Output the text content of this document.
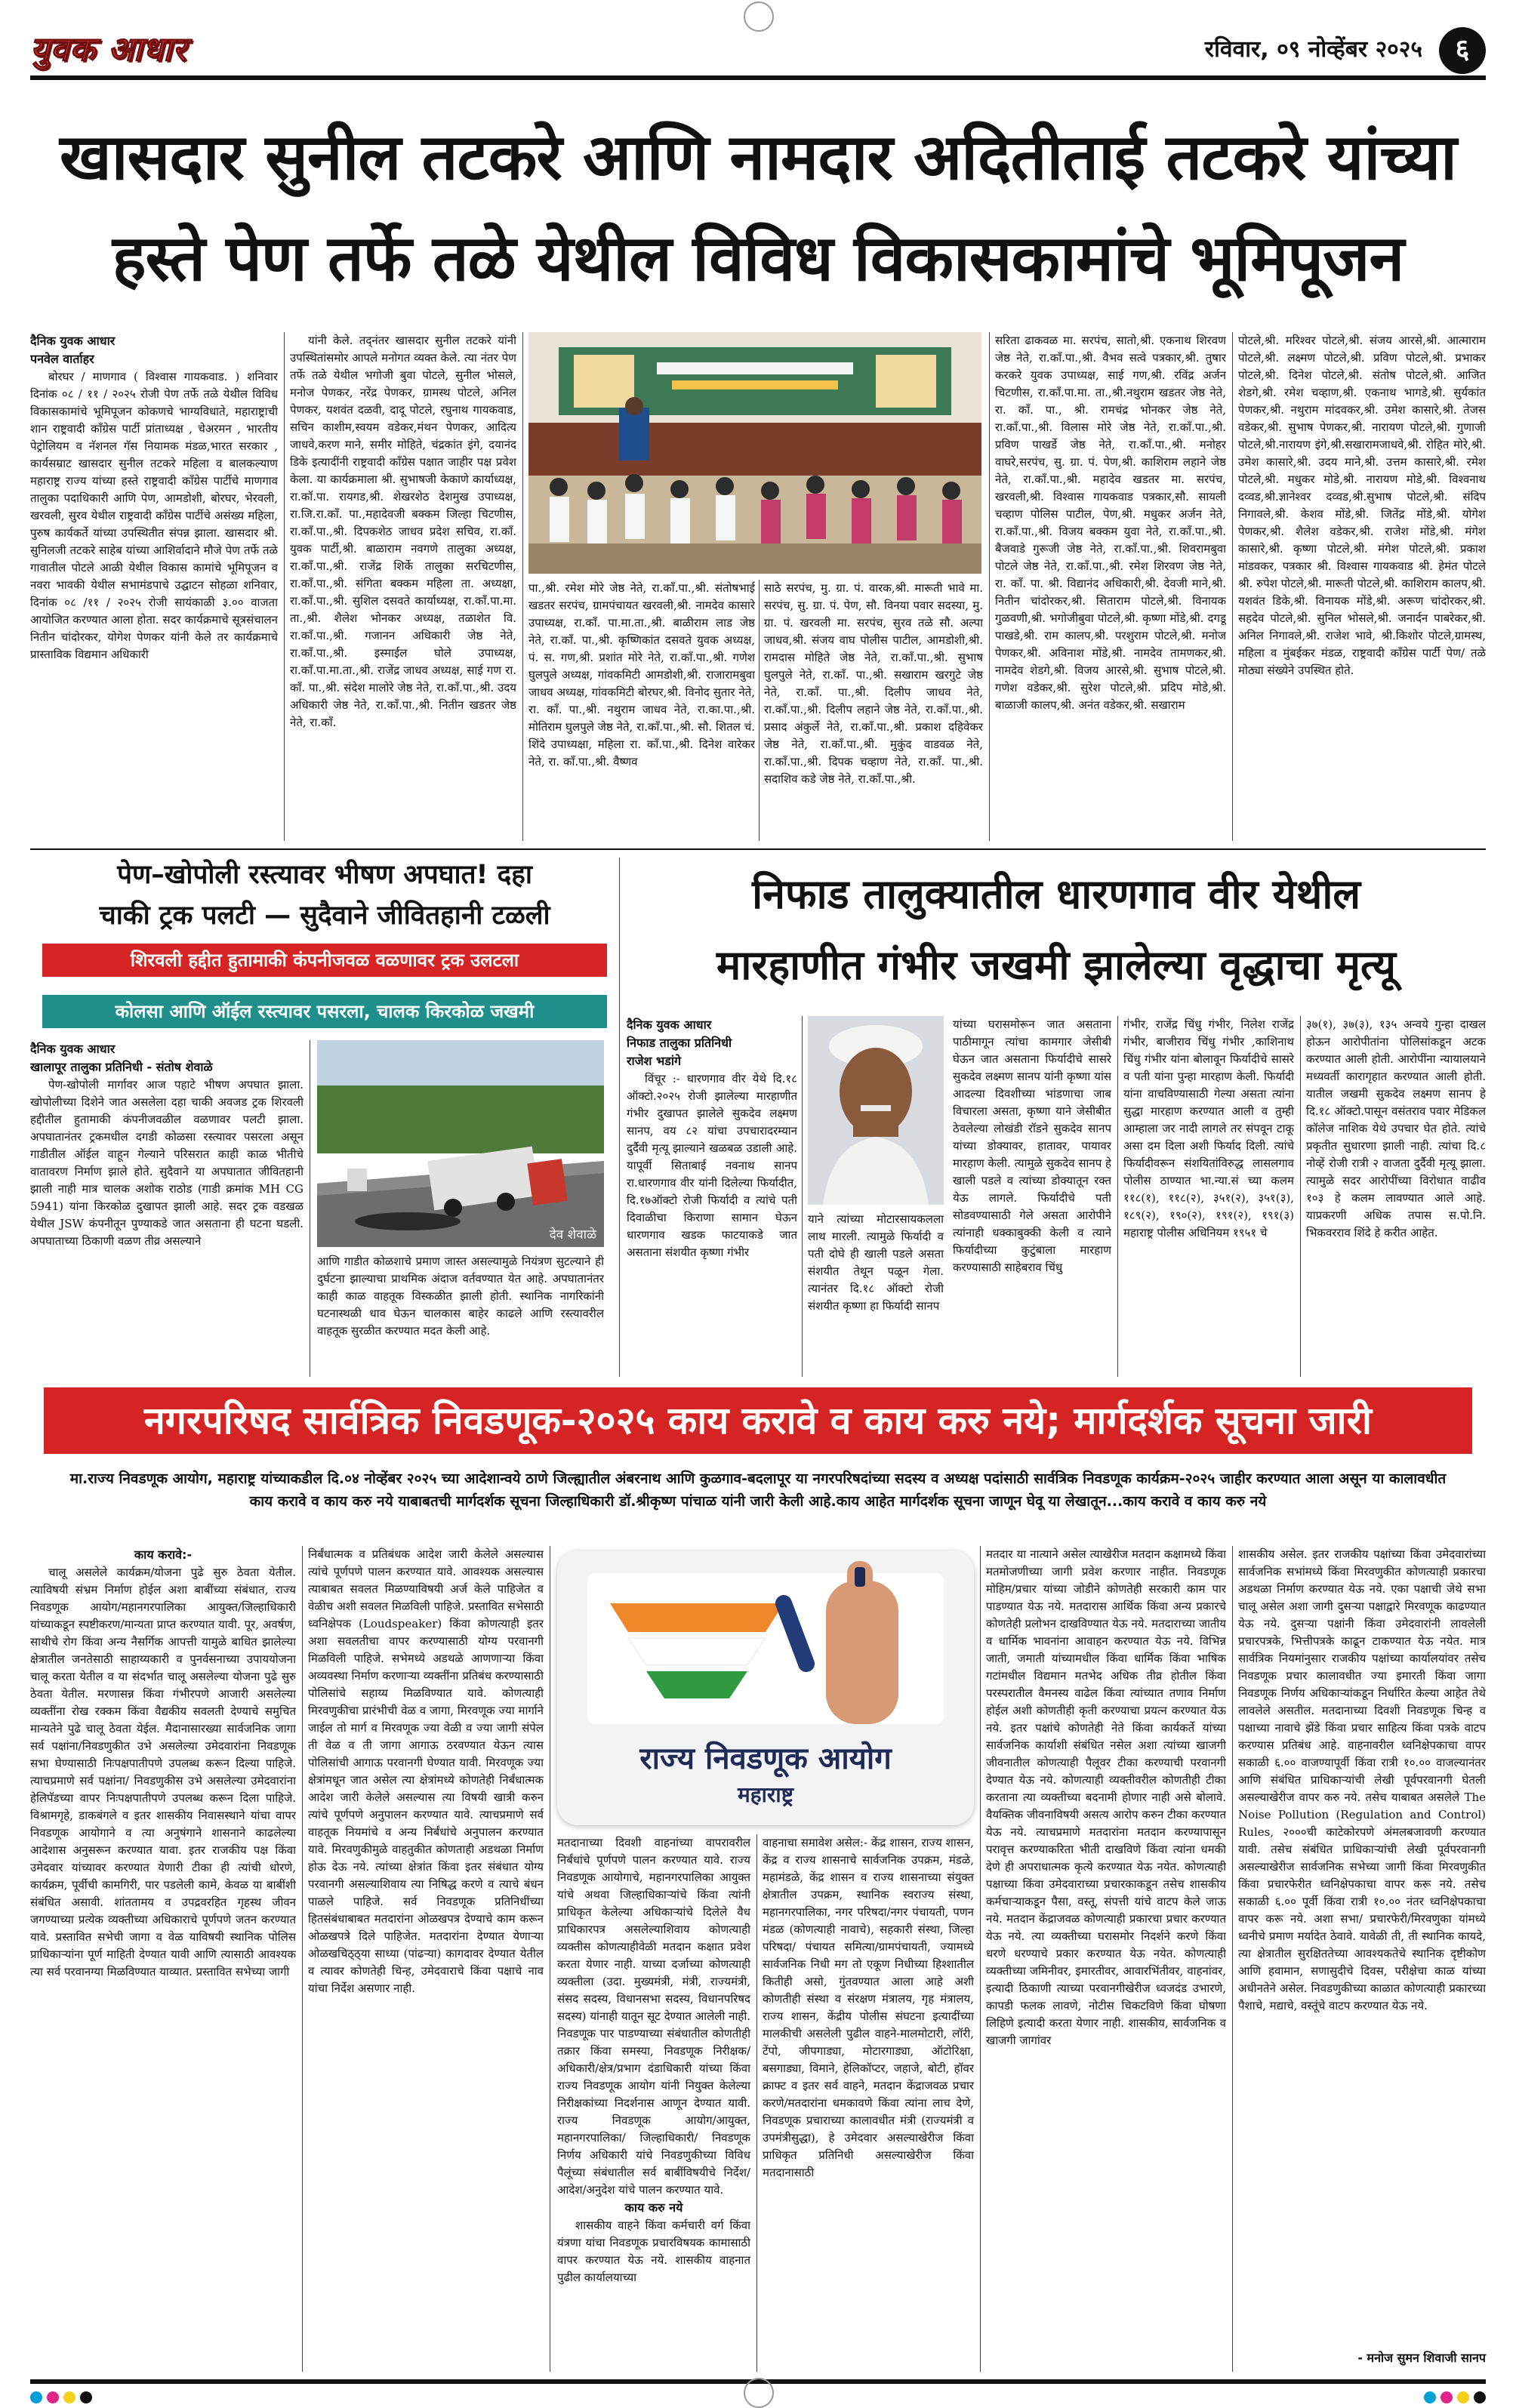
युवक आधार	रविवार, ०९ नोव्हेंबर २०२५	६
खासदार सुनील तटकरे आणि नामदार अदितीताई तटकरे यांच्या
हस्ते पेण तर्फे तळे येथील विविध विकासकामांचे भूमिपूजन

दैनिक युवक आधार

पनवेल वार्ताहर

बोरघर / माणगाव ( विश्वास गायकवाड. ) शनिवार दिनांक ०८ / ११ / २०२५ रोजी पेण तर्फे तळे येथील विविध विकासकामांचे भूमिपूजन कोकणचे भाग्यविधाते, महाराष्ट्राची शान राष्ट्रवादी कॉंग्रेस पार्टी प्रांताध्यक्ष , चेअरमन , भारतीय पेट्रोलियम व नॅशनल गॅस नियामक मंडळ,भारत सरकार , कार्यसम्राट खासदार सुनील तटकरे महिला व बालकल्याण महाराष्ट्र राज्य यांच्या हस्ते राष्ट्रवादी कॉंग्रेस पार्टीचे माणगाव तालुका पदाधिकारी आणि पेण, आमडोशी, बोरघर, भेरवली, खरवली, सुरव येथील राष्ट्रवादी कॉंग्रेस पार्टीचे असंख्य महिला, पुरुष कार्यकर्ते यांच्या उपस्थितीत संपन्न झाला. खासदार श्री. सुनिलजी तटकरे साहेब यांच्या आशिर्वादाने मौजे पेण तर्फे तळे गावातील पोटले आळी येथील विकास कामांचे भूमिपूजन व नवरा भावकी येथील सभामंडपाचे उद्घाटन सोहळा शनिवार, दिनांक ०८ /११ / २०२५ रोजी सायंकाळी ३.०० वाजता आयोजित करण्यात आला होता. सदर कार्यक्रमाचे सूत्रसंचालन नितीन चांदोरकर, योगेश पेणकर यांनी केले तर कार्यक्रमाचे प्रास्ताविक विद्यमान अधिकारी

यांनी केले. तद्नंतर खासदार सुनील तटकरे यांनी उपस्थितांसमोर आपले मनोगत व्यक्त केले. त्या नंतर पेण तर्फे तळे येथील भगोजी बुवा पोटले, सुनील भोसले, मनोज पेणकर, नरेंद्र पेणकर, ग्रामस्थ पोटले, अनिल पेणकर, यशवंत दळवी, दादू पोटले, रघुनाथ गायकवाड, सचिन काशीम,स्वयम वडेकर,मंथन पेणकर, आदित्य जाधवे,करण माने, समीर मोहिते, चंद्रकांत इंगे, दयानंद डिके इत्यादींनी राष्ट्रवादी कॉंग्रेस पक्षात जाहीर पक्ष प्रवेश केला. या कार्यक्रमाला श्री. सुभाषजी केकाणे कार्याध्यक्ष, रा.कॉ.पा. रायगड,श्री. शेखरशेठ देशमुख उपाध्यक्ष, रा.जि.रा.कॉं. पा.,महादेवजी बक्कम जिल्हा चिटणीस, रा.कॉं.पा.,श्री. दिपकशेठ जाधव प्रदेश सचिव, रा.कॉं. युवक पार्टी,श्री. बाळाराम नवगणे तालुका अध्यक्ष, रा.कॉं.पा.,श्री. राजेंद्र शिर्के तालुका सरचिटणीस, रा.कॉं.पा.,श्री. संगिता बक्कम महिला ता. अध्यक्षा, रा.कॉं.पा.,श्री. सुशिल दसवते कार्याध्यक्ष, रा.कॉं.पा.मा. ता.,श्री. शैलेश भोनकर अध्यक्ष, तळाशेत वि. रा.कॉं.पा.,श्री. गजानन अधिकारी जेष्ठ नेते, रा.कॉं.पा.,श्री. इस्माईल घोले उपाध्यक्ष, रा.कॉं.पा.मा.ता.,श्री. राजेंद्र जाधव अध्यक्ष, साई गण रा. कॉं. पा.,श्री. संदेश मालोरे जेष्ठ नेते, रा.कॉं.पा.,श्री. उदय अधिकारी जेष्ठ नेते, रा.कॉं.पा.,श्री. नितीन खडतर जेष्ठ नेते, रा.कॉं.

पा.,श्री. रमेश मोरे जेष्ठ नेते, रा.कॉं.पा.,श्री. संतोषभाई खडतर सरपंच, ग्रामपंचायत खरवली,श्री. नामदेव कासारे उपाध्यक्ष, रा.कॉं. पा.मा.ता.,श्री. बाळीराम लाड जेष्ठ नेते, रा.कॉं. पा.,श्री. कृष्णिकांत दसवते युवक अध्यक्ष, पं. स. गण,श्री. प्रशांत मोरे नेते, रा.कॉं.पा.,श्री. गणेश घुलपुले अध्यक्ष, गांवकमिटी आमडोशी,श्री. राजारामबुवा जाधव अध्यक्ष, गांवकमिटी बोरघर,श्री. विनोद सुतार नेते, रा. कॉं. पा.,श्री. नथुराम जाधव नेते, रा.का.पा.,श्री. मोतिराम घुलपुले जेष्ठ नेते, रा.कॉं.पा.,श्री. सौ. शितल चं. शिंदे उपाध्यक्षा, महिला रा. कॉं.पा.,श्री. दिनेश वारेकर नेते, रा. कॉं.पा.,श्री. वैष्णव

साठे सरपंच, मु. ग्रा. पं. वारक,श्री. मारूती भावे मा. सरपंच, सु. ग्रा. पं. पेण, सौ. विनया पवार सदस्या, मु. ग्रा. पं. खरवली मा. सरपंच, सुरव तळे सौ. अल्पा जाधव,श्री. संजय वाघ पोलीस पाटील, आमडोशी,श्री. रामदास मोहिते जेष्ठ नेते, रा.कॉं.पा.,श्री. सुभाष घुलपुले नेते, रा.कॉं. पा.,श्री. सखाराम खरगुटे जेष्ठ नेते, रा.कॉं. पा.,श्री. दिलीप जाधव नेते, रा.कॉं.पा.,श्री. दिलीप लहाने जेष्ठ नेते, रा.कॉं.पा.,श्री. प्रसाद अंकुर्ले नेते, रा.कॉं.पा.,श्री. प्रकाश दहिवेकर जेष्ठ नेते, रा.कॉं.पा.,श्री. मुकुंद वाडवळ नेते, रा.कॉं.पा.,श्री. दिपक चव्हाण नेते, रा.कॉं. पा.,श्री. सदाशिव कडे जेष्ठ नेते, रा.कॉं.पा.,श्री.

सरिता ढाकवळ मा. सरपंच, सातो,श्री. एकनाथ शिरवण जेष्ठ नेते, रा.कॉं.पा.,श्री. वैभव सत्वे पत्रकार,श्री. तुषार करकरे युवक उपाध्यक्ष, साई गण,श्री. रविंद्र अर्जन चिटणीस, रा.कॉं.पा.मा. ता.,श्री.नथुराम खडतर जेष्ठ नेते, रा. कॉं. पा., श्री. रामचंद्र भोनकर जेष्ठ नेते, रा.कॉं.पा.,श्री. विलास मोरे जेष्ठ नेते, रा.कॉं.पा.,श्री. प्रविण पाखर्डे जेष्ठ नेते, रा.कॉं.पा.,श्री. मनोहर वाघरे,सरपंच, सु. ग्रा. पं. पेण,श्री. काशिराम लहाने जेष्ठ नेते, रा.कॉं.पा.,श्री. महादेव खडतर मा. सरपंच, खरवली,श्री. विश्वास गायकवाड पत्रकार,सौ. सायली चव्हाण पोलिस पाटील, पेण,श्री. मधुकर अर्जन नेते, रा.कॉं.पा.,श्री. विजय बक्कम युवा नेते, रा.कॉं.पा.,श्री. बैजवाडे गुरूजी जेष्ठ नेते, रा.कॉं.पा.,श्री. शिवरामबुवा पोटले जेष्ठ नेते, रा.कॉं.पा.,श्री. रमेश शिरवण जेष्ठ नेते, रा. कॉं. पा. श्री. विद्यानंद अधिकारी,श्री. देवजी माने,श्री. नितीन चांदोरकर,श्री. सिताराम पोटले,श्री. विनायक गुळवणी,श्री. भगोजीबुवा पोटले,श्री. कृष्णा मोंडे,श्री. दगडू पाखडे,श्री. राम कालप,श्री. परशुराम पोटले,श्री. मनोज पेणकर,श्री. अविनाश मोंडे,श्री. नामदेव तामणकर,श्री. नामदेव शेडगे,श्री. विजय आरसे,श्री. सुभाष पोटले,श्री. गणेश वडेकर,श्री. सुरेश पोटले,श्री. प्रदिप मोडे,श्री. बाळाजी कालप,श्री. अनंत वडेकर,श्री. सखाराम

पोटले,श्री. मरिश्वर पोटले,श्री. संजय आरसे,श्री. आत्माराम पोटले,श्री. लक्ष्मण पोटले,श्री. प्रविण पोटले,श्री. प्रभाकर पोटले,श्री. दिनेश पोटले,श्री. संतोष पोटले,श्री. आजित शेडगे,श्री. रमेश चव्हाण,श्री. एकनाथ भागडे,श्री. सुर्यकांत पेणकर,श्री. नथुराम मांदवकर,श्री. उमेश कासारे,श्री. तेजस वडेकर,श्री. सुभाष पेणकर,श्री. नारायण पोटले,श्री. गुणाजी पोटले,श्री.नारायण इंगे,श्री.सखारामजाधवे,श्री. रोहित मोरे,श्री. उमेश कासारे,श्री. उदय माने,श्री. उत्तम कासारे,श्री. रमेश पोटले,श्री. मधुकर मोडे,श्री. नारायण मोडे,श्री. विश्वनाथ दव्वड,श्री.ज्ञानेश्वर दव्वड,श्री.सुभाष पोटले,श्री. संदिप निगावले,श्री. केशव मोंडे,श्री. जितेंद्र मोंडे,श्री. योगेश पेणकर,श्री. शैलेश वडेकर,श्री. राजेश मोंडे,श्री. मंगेश कासारे,श्री. कृष्णा पोटले,श्री. मंगेश पोटले,श्री. प्रकाश मांडवकर, पत्रकार श्री. विश्वास गायकवाड श्री. हेमंत पोटले श्री. रुपेश पोटले,श्री. मारूती पोटले,श्री. काशिराम कालप,श्री. यशवंत डिके,श्री. विनायक मोंडे,श्री. अरूण चांदोरकर,श्री. सहदेव पोटले,श्री. सुनिल भोसले,श्री. जनार्दन पाबरेकर,श्री. अनिल निगावले,श्री. राजेश भावे, श्री.किशोर पोटले,ग्रामस्थ, महिला व मुंबईकर मंडळ, राष्ट्रवादी कॉंग्रेस पार्टी पेण/ तळे मोठ्या संख्येने उपस्थित होते.

पेण–खोपोली रस्त्यावर भीषण अपघात! दहा
चाकी ट्रक पलटी — सुदैवाने जीवितहानी टळली
शिरवली हद्दीत हुतामाकी कंपनीजवळ वळणावर ट्रक उलटला
कोलसा आणि ऑईल रस्त्यावर पसरला, चालक किरकोळ जखमी

दैनिक युवक आधार

खालापूर तालुका प्रतिनिधी - संतोष शेवाळे

पेण-खोपोली मार्गावर आज पहाटे भीषण अपघात झाला. खोपोलीच्या दिशेने जात असलेला दहा चाकी अवजड ट्रक शिरवली हद्दीतील हुतामाकी कंपनीजवळील वळणावर पलटी झाला. अपघातानंतर ट्रकमधील दगडी कोळसा रस्त्यावर पसरला असून गाडीतील ऑईल वाहून गेल्याने परिसरात काही काळ भीतीचे वातावरण निर्माण झाले होते. सुदैवाने या अपघातात जीवितहानी झाली नाही मात्र चालक अशोक राठोड (गाडी क्रमांक MH CG 5941) यांना किरकोळ दुखापत झाली आहे. सदर ट्रक वडखळ येथील JSW कंपनीतून पुण्याकडे जात असताना ही घटना घडली. अपघाताच्या ठिकाणी वळण तीव्र असल्याने	देव शेवाळे

आणि गाडीत कोळशाचे प्रमाण जास्त असल्यामुळे नियंत्रण सुटल्याने ही दुर्घटना झाल्याचा प्राथमिक अंदाज वर्तवण्यात येत आहे. अपघातानंतर काही काळ वाहतूक विस्कळीत झाली होती. स्थानिक नागरिकांनी घटनास्थळी धाव घेऊन चालकास बाहेर काढले आणि रस्त्यावरील वाहतूक सुरळीत करण्यात मदत केली आहे.

निफाड तालुक्यातील धारणगाव वीर येथील
मारहाणीत गंभीर जखमी झालेल्या वृद्धाचा मृत्यू

दैनिक युवक आधार

निफाड तालुका प्रतिनिधी

राजेश भडांगे

विंचूर :- धारणगाव वीर येथे दि.१८ ऑक्टो.२०२५ रोजी झालेल्या मारहाणीत गंभीर दुखापत झालेले सुकदेव लक्ष्मण सानप, वय ८२ यांचा उपचारादरम्यान दुर्दैवी मृत्यू झाल्याने खळबळ उडाली आहे. यापूर्वी सिताबाई नवनाथ सानप रा.धारणगाव वीर यांनी दिलेल्या फिर्यादीत, दि.१७ऑक्टो रोजी फिर्यादी व त्यांचे पती दिवाळीचा किराणा सामान घेऊन धारणगाव खडक फाटयाकडे जात असताना संशयीत कृष्णा गंभीर

याने त्यांच्या मोटारसायकलला लाथ मारली. त्यामुळे फिर्यादी व पती दोघे ही खाली पडले असता संशयीत तेथून पळून गेला. त्यानंतर दि.१८ ऑक्टो रोजी संशयीत कृष्णा हा फिर्यादी सानप

यांच्या घरासमोरून जात असताना पाठीमागून त्यांचा कामगार जेसीबी घेऊन जात असताना फिर्यादीचे सासरे सुकदेव लक्ष्मण सानप यांनी कृष्णा यांस आदल्या दिवशीच्या भांडणाचा जाब विचारला असता, कृष्णा याने जेसीबीत ठेवलेल्या लोखंडी रॉडने सुकदेव सानप यांच्या डोक्यावर, हातावर, पायावर मारहाण केली. त्यामुळे सुकदेव सानप हे खाली पडले व त्यांच्या डोक्यातून रक्त येऊ लागले. फिर्यादीचे पती सोडवण्यासाठी गेले असता आरोपीने त्यांनाही धक्काबुक्की केली व त्याने फिर्यादीच्या कुटुंबाला मारहाण करण्यासाठी साहेबराव चिंधु

गंभीर, राजेंद्र चिंधु गंभीर, निलेश राजेंद्र गंभीर, बाजीराव चिंधु गंभीर ,काशिनाथ चिंधु गंभीर यांना बोलावून फिर्यादीचे सासरे व पती यांना पुन्हा मारहाण केली. फिर्यादी यांना वाचविण्यासाठी गेल्या असता त्यांना सुद्धा मारहाण करण्यात आली व तुम्ही आम्हाला जर नादी लागले तर संपवून टाकू असा दम दिला अशी फिर्याद दिली. त्यांचे फिर्यादीवरून संशयितांविरुद्ध लासलगाव पोलीस ठाण्यात भा.न्या.सं च्या कलम ११८(१), ११८(२), ३५१(२), ३५१(३), १८९(२), १९०(२), १९१(२), १९१(३) महाराष्ट्र पोलीस अधिनियम १९५१ चे

३७(१), ३७(३), १३५ अन्वये गुन्हा दाखल होऊन आरोपीतांना पोलिसांकडून अटक करण्यात आली होती. आरोपींना न्यायालयाने मध्यवर्ती कारागृहात करण्यात आली होती. यातील जखमी सुकदेव लक्ष्मण सानप हे दि.१८ ऑक्टो.पासून वसंतराव पवार मेडिकल कॉलेज नाशिक येथे उपचार घेत होते. त्यांचे प्रकृतीत सुधारणा झाली नाही. त्यांचा दि.८ नोव्हें रोजी रात्री २ वाजता दुर्दैवी मृत्यू झाला. त्यामुळे सदर आरोपींच्या विरोधात वाढीव १०३ हे कलम लावण्यात आले आहे. याप्रकरणी अधिक तपास स.पो.नि. भिकवरराव शिंदे हे करीत आहेत.

नगरपरिषद सार्वत्रिक निवडणूक-२०२५ काय करावे व काय करु नये; मार्गदर्शक सूचना जारी
मा.राज्य निवडणूक आयोग, महाराष्ट्र यांच्याकडील दि.०४ नोव्हेंबर २०२५ च्या आदेशान्वये ठाणे जिल्ह्यातील अंबरनाथ आणि कुळगाव-बदलापूर या नगरपरिषदांच्या सदस्य व अध्यक्ष पदांसाठी सार्वत्रिक निवडणूक कार्यक्रम-२०२५ जाहीर करण्यात आला असून या कालावधीत काय करावे व काय करु नये याबाबतची मार्गदर्शक सूचना जिल्हाधिकारी डॉ.श्रीकृष्ण पांचाळ यांनी जारी केली आहे.काय आहेत मार्गदर्शक सूचना जाणून घेवू या लेखातून...काय करावे व काय करु नये

काय करावे:-

चालू असलेले कार्यक्रम/योजना पुढे सुरु ठेवता येतील. त्याविषयी संभ्रम निर्माण होईल अशा बाबींच्या संबंधात, राज्य निवडणूक आयोग/महानगरपालिका आयुक्त/जिल्हाधिकारी यांच्याकडून स्पष्टीकरण/मान्यता प्राप्त करण्यात यावी. पूर, अवर्षण, साथीचे रोग किंवा अन्य नैसर्गिक आपत्ती यामुळे बाधित झालेल्या क्षेत्रातील जनतेसाठी साहाय्यकारी व पुनर्वसनाच्या उपाययोजना चालू करता येतील व या संदर्भात चालू असलेल्या योजना पुढे सुरु ठेवता येतील. मरणासन्न किंवा गंभीरपणे आजारी असलेल्या व्यक्तींना रोख रक्कम किंवा वैद्यकीय सवलती देण्याचे समुचित मान्यतेने पुढे चालू ठेवता येईल. मैदानासारख्या सार्वजनिक जागा सर्व पक्षांना/निवडणुकीत उभे असलेल्या उमेदवारांना निवडणूक सभा घेण्यासाठी निःपक्षपातीपणे उपलब्ध करून दिल्या पाहिजे. त्याचप्रमाणे सर्व पक्षांना/ निवडणुकीस उभे असलेल्या उमेदवारांना हेलिपॅडच्या वापर निःपक्षपातीपणे उपलब्ध करून दिला पाहिजे. विश्रामगृहे, डाकबंगले व इतर शासकीय निवासस्थाने यांचा वापर निवडणूक आयोगाने व त्या अनुषंगाने शासनाने काढलेल्या आदेशास अनुसरून करण्यात यावा. इतर राजकीय पक्ष किंवा उमेदवार यांच्यावर करण्यात येणारी टीका ही त्यांची धोरणे, कार्यक्रम, पूर्वीची कामगिरी, पार पडलेली कामे, केवळ या बाबींशी संबंधित असावी. शांततामय व उपद्रवरहित गृहस्थ जीवन जगण्याच्या प्रत्येक व्यक्तीच्या अधिकाराचे पूर्णपणे जतन करण्यात यावे. प्रस्तावित सभेची जागा व वेळ याविषयी स्थानिक पोलिस प्राधिकाऱ्यांना पूर्ण माहिती देण्यात यावी आणि त्यासाठी आवश्यक त्या सर्व परवानग्या मिळविण्यात याव्यात. प्रस्तावित सभेच्या जागी

निर्बंधात्मक व प्रतिबंधक आदेश जारी केलेले असल्यास त्यांचे पूर्णपणे पालन करण्यात यावे. आवश्यक असल्यास त्याबाबत सवलत मिळण्याविषयी अर्ज केले पाहिजेत व वेळीच अशी सवलत मिळविली पाहिजे. प्रस्तावित सभेसाठी ध्वनिक्षेपक (Loudspeaker) किंवा कोणत्याही इतर अशा सवलतीचा वापर करण्यासाठी योग्य परवानगी मिळविली पाहिजे. सभेमध्ये अडथळे आणणाऱ्या किंवा अव्यवस्था निर्माण करणाऱ्या व्यक्तींना प्रतिबंध करण्यासाठी पोलिसांचे सहाय्य मिळविण्यात यावे. कोणत्याही मिरवणुकीचा प्रारंभीची वेळ व जागा, मिरवणूक ज्या मार्गाने जाईल तो मार्ग व मिरवणूक ज्या वेळी व ज्या जागी संपेल ती वेळ व ती जागा आगाऊ ठरवण्यात येऊन त्यास पोलिसांची आगाऊ परवानगी घेण्यात यावी. मिरवणूक ज्या क्षेत्रांमधून जात असेल त्या क्षेत्रांमध्ये कोणतेही निर्बंधात्मक आदेश जारी केलेले असल्यास त्या विषयी खात्री करुन त्यांचे पूर्णपणे अनुपालन करण्यात यावे. त्याचप्रमाणे सर्व वाहतूक नियमांचे व अन्य निर्बंधांचे अनुपालन करण्यात यावे. मिरवणुकीमुळे वाहतुकीत कोणताही अडथळा निर्माण होऊ देऊ नये. त्यांच्या क्षेत्रांत किंवा इतर संबंधात योग्य परवानगी असल्याशिवाय त्या निषिद्ध करणे व त्याचे बंधन पाळले पाहिजे. सर्व निवडणूक प्रतिनिधींच्या हितसंबंधाबाबत मतदारांना ओळखपत्र देण्याचे काम करून ओळखपत्रे दिले पाहिजेत. मतदारांना देण्यात येणाऱ्या ओळखचिठ्ठ्या साध्या (पांढऱ्या) कागदावर देण्यात येतील व त्यावर कोणतेही चिन्ह, उमेदवाराचे किंवा पक्षाचे नाव यांचा निर्देश असणार नाही.

राज्य निवडणूक आयोग
महाराष्ट्र

मतदानाच्या दिवशी वाहनांच्या वापरावरील निर्बंधांचे पूर्णपणे पालन करण्यात यावे. राज्य निवडणूक आयोगाचे, महानगरपालिका आयुक्त यांचे अथवा जिल्हाधिकाऱ्यांचे किंवा त्यांनी प्राधिकृत केलेल्या अधिकाऱ्यांचे दिलेले वैध प्राधिकारपत्र असलेल्याशिवाय कोणत्याही व्यक्तीस कोणत्याहीवेळी मतदान कक्षात प्रवेश करता येणार नाही. याच्या दर्जाच्या कोणत्याही व्यक्तीला (उदा. मुख्यमंत्री, मंत्री, राज्यमंत्री, संसद सदस्य, विधानसभा सदस्य, विधानपरिषद सदस्य) यांनाही यातून सूट देण्यात आलेली नाही. निवडणूक पार पाडण्याच्या संबंधातील कोणतीही तक्रार किंवा समस्या, निवडणूक निरीक्षक/अधिकारी/क्षेत्र/प्रभाग दंडाधिकारी यांच्या किंवा राज्य निवडणूक आयोग यांनी नियुक्त केलेल्या निरीक्षकांच्या निदर्शनास आणून देण्यात यावी. राज्य निवडणूक आयोग/आयुक्त, महानगरपालिका/ जिल्हाधिकारी/ निवडणूक निर्णय अधिकारी यांचे निवडणुकीच्या विविध पैलूंच्या संबंधातील सर्व बाबींविषयीचे निर्देश/ आदेश/अनुदेश यांचे पालन करण्यात यावे.

काय करु नये

शासकीय वाहने किंवा कर्मचारी वर्ग किंवा यंत्रणा यांचा निवडणूक प्रचारविषयक कामासाठी वापर करण्यात येऊ नये. शासकीय वाहनात पुढील कार्यालयाच्या

वाहनाचा समावेश असेल:- केंद्र शासन, राज्य शासन, केंद्र व राज्य शासनाचे सार्वजनिक उपक्रम, मंडळे, महामंडळे, केंद्र शासन व राज्य शासनाच्या संयुक्त क्षेत्रातील उपक्रम, स्थानिक स्वराज्य संस्था, महानगरपालिका, नगर परिषदा/नगर पंचायती, पणन मंडळ (कोणत्याही नावाचे), सहकारी संस्था, जिल्हा परिषदा/ पंचायत समित्या/ग्रामपंचायती, ज्यामध्ये सार्वजनिक निधी मग तो एकूण निधीच्या हिश्शातील कितीही असो, गुंतवण्यात आला आहे अशी कोणतीही संस्था व संरक्षण मंत्रालय, गृह मंत्रालय, राज्य शासन, केंद्रीय पोलीस संघटना इत्यादींच्या मालकीची असलेली पुढील वाहने-मालमोटारी, लॉरी, टेंपो, जीपगाड्या, मोटारगाड्या, ऑटोरिक्षा, बसगाड्या, विमाने, हेलिकॉप्टर, जहाजे, बोटी, हॉवर क्राफ्ट व इतर सर्व वाहने, मतदान केंद्राजवळ प्रचार करणे/मतदारांना धमकावणे किंवा त्यांना लाच देणे, निवडणूक प्रचाराच्या कालावधीत मंत्री (राज्यमंत्री व उपमंत्रीसुद्धा), हे उमेदवार असल्याखेरीज किंवा प्राधिकृत प्रतिनिधी असल्याखेरीज किंवा मतदानासाठी

मतदार या नात्याने असेल त्याखेरीज मतदान कक्षामध्ये किंवा मतमोजणीच्या जागी प्रवेश करणार नाहीत. निवडणूक मोहिम/प्रचार यांच्या जोडीने कोणतेही सरकारी काम पार पाडण्यात येऊ नये. मतदारास आर्थिक किंवा अन्य प्रकारचे कोणतेही प्रलोभन दाखविण्यात येऊ नये. मतदाराच्या जातीय व धार्मिक भावनांना आवाहन करण्यात येऊ नये. विभिन्न जाती, जमाती यांच्यामधील किंवा धार्मिक किंवा भाषिक गटांमधील विद्यमान मतभेद अधिक तीव्र होतील किंवा परस्परातील वैमनस्य वाढेल किंवा त्यांच्यात तणाव निर्माण होईल अशी कोणतीही कृती करण्याचा प्रयत्न करण्यात येऊ नये. इतर पक्षांचे कोणतेही नेते किंवा कार्यकर्ते यांच्या सार्वजनिक कार्याशी संबंधित नसेल अशा त्यांच्या खाजगी जीवनातील कोणत्याही पैलूवर टीका करण्याची परवानगी देण्यात येऊ नये. कोणत्याही व्यक्तीवरील कोणतीही टीका करताना त्या व्यक्तीच्या बदनामी होणार नाही असे बोलावे. वैयक्तिक जीवनाविषयी असत्य आरोप करुन टीका करण्यात येऊ नये. त्याचप्रमाणे मतदारांना मतदान करण्यापासून परावृत्त करण्याकरिता भीती दाखविणे किंवा त्यांना धमकी देणे ही अपराधात्मक कृत्ये करण्यात येऊ नयेत. कोणत्याही पक्षाच्या किंवा उमेदवाराच्या प्रचारकाकडून तसेच शासकीय कर्मचाऱ्याकडून पैसा, वस्तू, संपत्ती यांचे वाटप केले जाऊ नये. मतदान केंद्राजवळ कोणत्याही प्रकारचा प्रचार करण्यात येऊ नये. त्या व्यक्तीच्या घरासमोर निदर्शने करणे किंवा धरणे धरण्याचे प्रकार करण्यात येऊ नयेत. कोणत्याही व्यक्तीच्या जमिनीवर, इमारतीवर, आवारभिंतीवर, वाहनांवर, इत्यादी ठिकाणी त्याच्या परवानगीखेरीज ध्वजदंड उभारणे, कापडी फलक लावणे, नोटीस चिकटविणे किंवा घोषणा लिहिणे इत्यादी करता येणार नाही. शासकीय, सार्वजनिक व खाजगी जागांवर

शासकीय असेल. इतर राजकीय पक्षांच्या किंवा उमेदवारांच्या सार्वजनिक सभांमध्ये किंवा मिरवणुकीत कोणत्याही प्रकारचा अडथळा निर्माण करण्यात येऊ नये. एका पक्षाची जेथे सभा चालू असेल अशा जागी दुसऱ्या पक्षाद्वारे मिरवणूक काढण्यात येऊ नये. दुसऱ्या पक्षांनी किंवा उमेदवारांनी लावलेली प्रचारपत्रके, भित्तीपत्रके काढून टाकण्यात येऊ नयेत. मात्र सार्वत्रिक नियमांनुसार राजकीय पक्षांच्या कार्यालयांवर तसेच निवडणूक प्रचार कालावधीत ज्या इमारती किंवा जागा निवडणूक निर्णय अधिकाऱ्यांकडून निर्धारित केल्या आहेत तेथे लावलेले असतील. मतदानाच्या दिवशी निवडणूक चिन्ह व पक्षाच्या नावाचे झेंडे किंवा प्रचार साहित्य किंवा पत्रके वाटप करण्यास प्रतिबंध आहे. वाहनावरील ध्वनिक्षेपकाचा वापर सकाळी ६.०० वाजण्यापूर्वी किंवा रात्री १०.०० वाजल्यानंतर आणि संबंधित प्राधिकाऱ्यांची लेखी पूर्वपरवानगी घेतली असल्याखेरीज वापर करु नये. तसेच याबाबत असलेले The Noise Pollution (Regulation and Control) Rules, २०००ची काटेकोरपणे अंमलबजावणी करण्यात यावी. तसेच संबंधित प्राधिकाऱ्यांची लेखी पूर्वपरवानगी असल्याखेरीज सार्वजनिक सभेच्या जागी किंवा मिरवणुकीत किंवा प्रचारफेरीत ध्वनिक्षेपकाचा वापर करू नये. तसेच सकाळी ६.०० पूर्वी किंवा रात्री १०.०० नंतर ध्वनिक्षेपकाचा वापर करू नये. अशा सभा/ प्रचारफेरी/मिरवणुका यांमध्ये ध्वनीचे प्रमाण मर्यादेत ठेवावे. यावेळी ती, ती स्थानिक कायदे, त्या क्षेत्रातील सुरक्षिततेच्या आवश्यकतेचे स्थानिक दृष्टीकोण आणि हवामान, सणासुदीचे दिवस, परीक्षेचा काळ यांच्या अधीनतेने असेल. निवडणुकीच्या काळात कोणत्याही प्रकारच्या पैशाचे, मद्याचे, वस्तूंचे वाटप करण्यात येऊ नये.

- मनोज सुमन शिवाजी सानप
